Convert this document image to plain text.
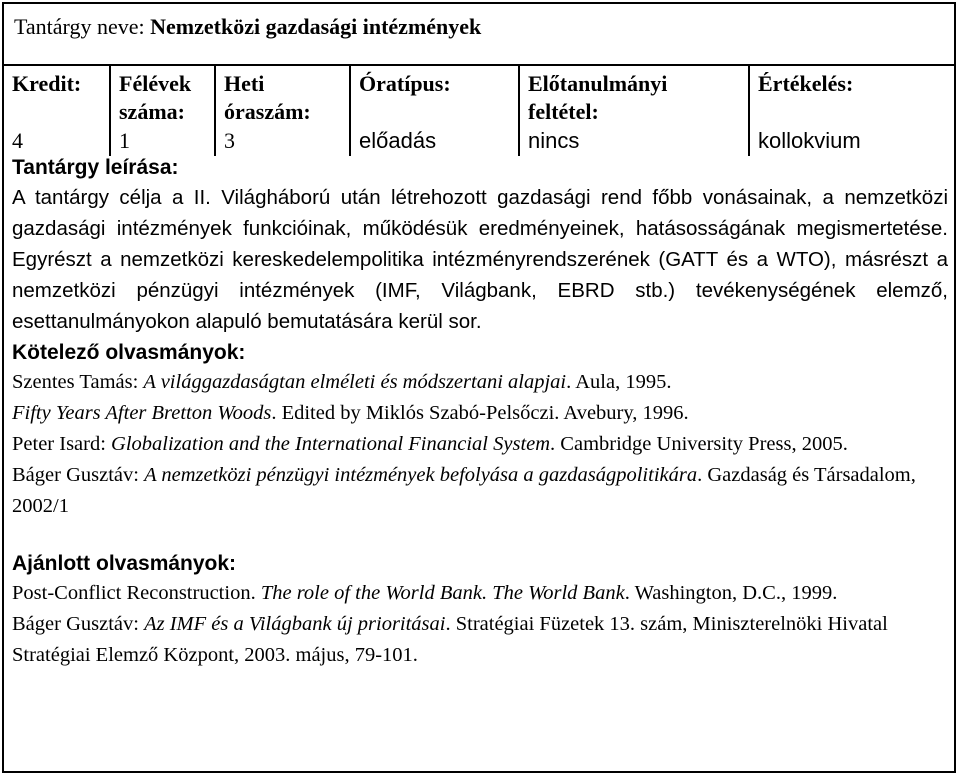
Tantárgy neve: Nemzetközi gazdasági intézmények
Kredit:
4
Félévek
száma:
1
Heti
óraszám:
3
Óratípus:
előadás
Előtanulmányi
feltétel:
nincs
Értékelés:
kollokvium
Tantárgy leírása:
A tantárgy célja a II. Világháború után létrehozott gazdasági rend főbb vonásainak, a nemzetközi gazdasági intézmények funkcióinak, működésük eredményeinek, hatásosságának megismertetése. Egyrészt a nemzetközi kereskedelempolitika intézményrendszerének (GATT és a WTO), másrészt a nemzetközi pénzügyi intézmények (IMF, Világbank, EBRD stb.) tevékenységének elemző, esettanulmányokon alapuló bemutatására kerül sor.
Kötelező olvasmányok:
Szentes Tamás: A világgazdaságtan elméleti és módszertani alapjai. Aula, 1995.
Fifty Years After Bretton Woods. Edited by Miklós Szabó-Pelsőczi. Avebury, 1996.
Peter Isard: Globalization and the International Financial System. Cambridge University Press, 2005.
Báger Gusztáv: A nemzetközi pénzügyi intézmények befolyása a gazdaságpolitikára. Gazdaság és Társadalom, 2002/1
Ajánlott olvasmányok:
Post-Conflict Reconstruction. The role of the World Bank. The World Bank. Washington, D.C., 1999.
Báger Gusztáv: Az IMF és a Világbank új prioritásai. Stratégiai Füzetek 13. szám, Miniszterelnöki Hivatal Stratégiai Elemző Központ, 2003. május, 79-101.
